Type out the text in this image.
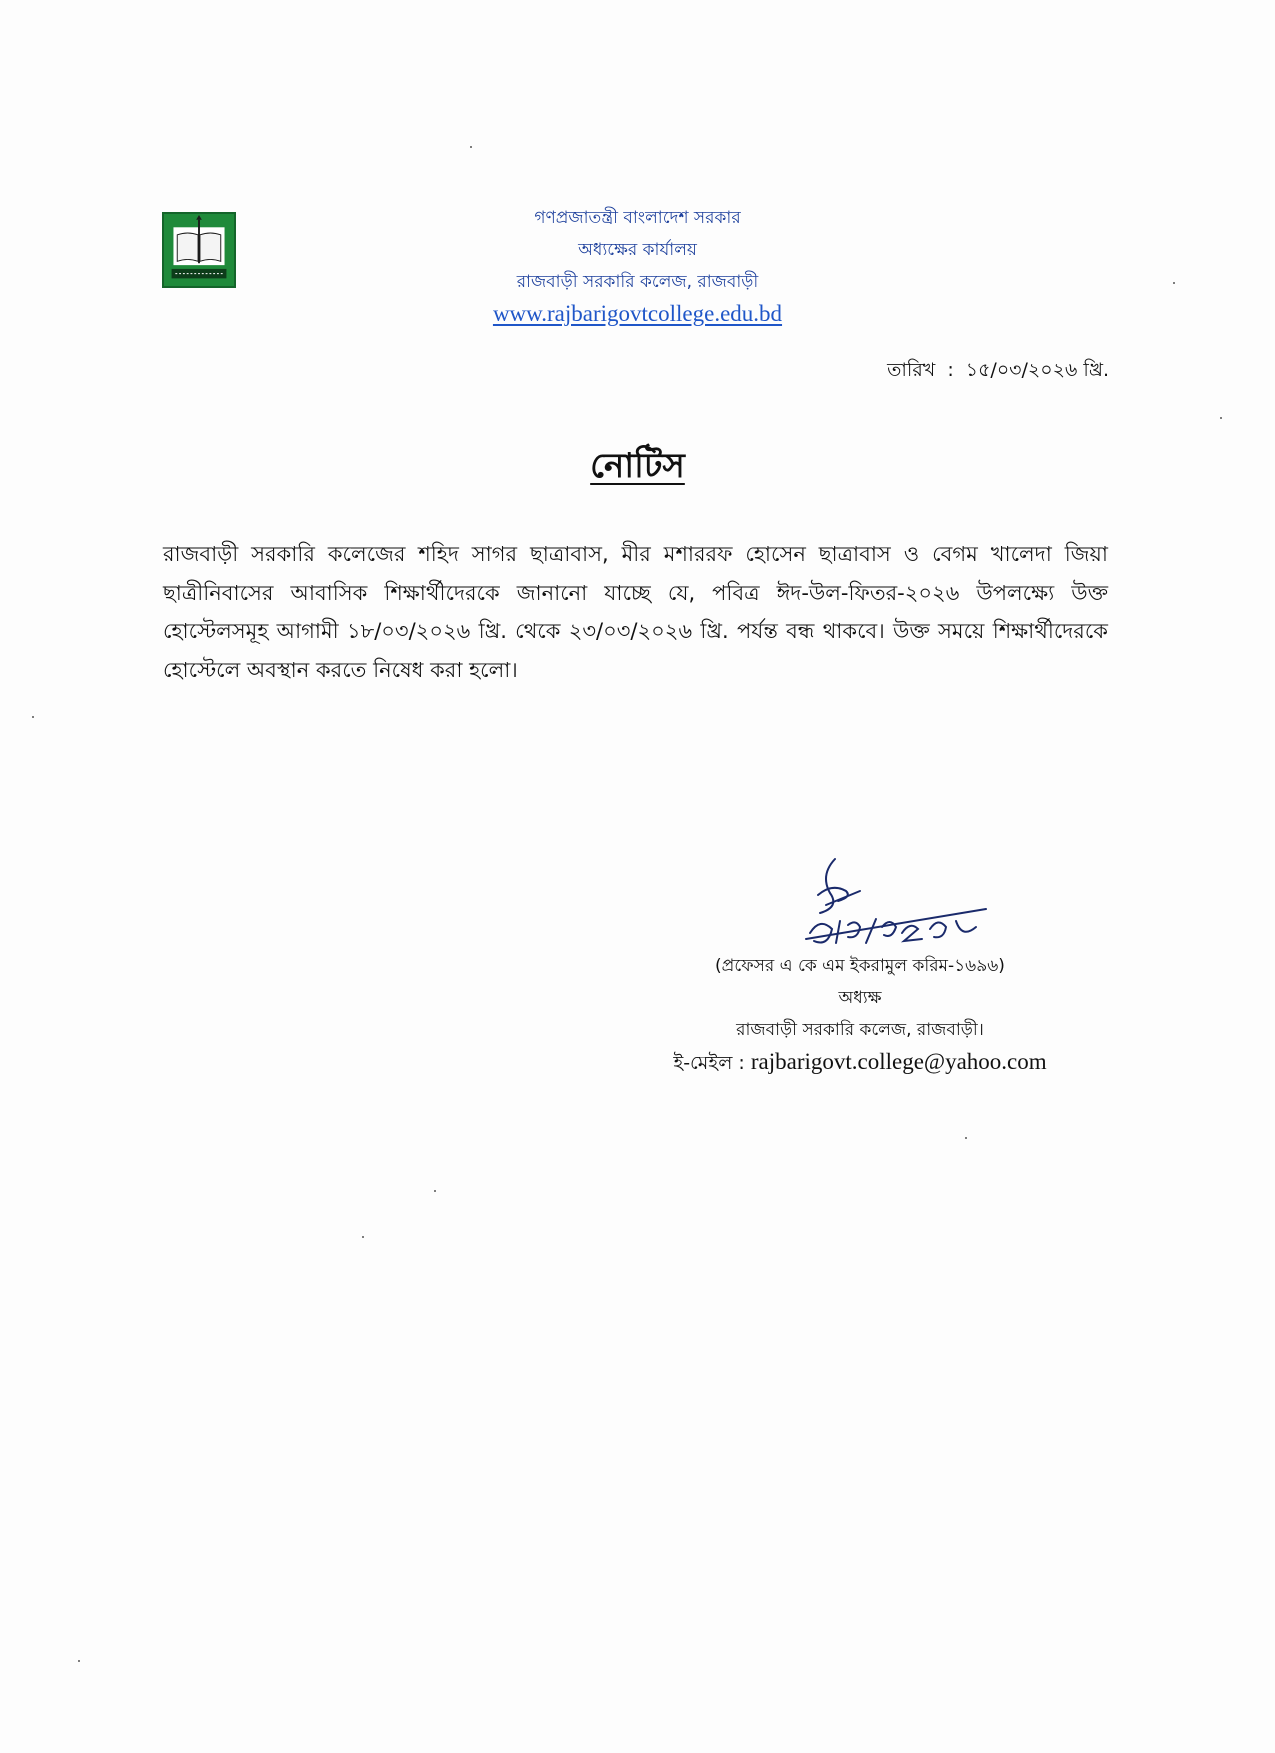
গণপ্রজাতন্ত্রী বাংলাদেশ সরকার
অধ্যক্ষের কার্যালয়
রাজবাড়ী সরকারি কলেজ, রাজবাড়ী
www.rajbarigovtcollege.edu.bd
তারিখ : ১৫/০৩/২০২৬ খ্রি.
নোটিস
রাজবাড়ী সরকারি কলেজের শহিদ সাগর ছাত্রাবাস, মীর মশাররফ হোসেন ছাত্রাবাস ও বেগম খালেদা জিয়া ছাত্রীনিবাসের আবাসিক শিক্ষার্থীদেরকে জানানো যাচ্ছে যে, পবিত্র ঈদ-উল-ফিতর-২০২৬ উপলক্ষ্যে উক্ত হোস্টেলসমূহ আগামী ১৮/০৩/২০২৬ খ্রি. থেকে ২৩/০৩/২০২৬ খ্রি. পর্যন্ত বন্ধ থাকবে। উক্ত সময়ে শিক্ষার্থীদেরকে হোস্টেলে অবস্থান করতে নিষেধ করা হলো।
(প্রফেসর এ কে এম ইকরামুল করিম-১৬৯৬)
অধ্যক্ষ
রাজবাড়ী সরকারি কলেজ, রাজবাড়ী।
ই-মেইল : rajbarigovt.college@yahoo.com
